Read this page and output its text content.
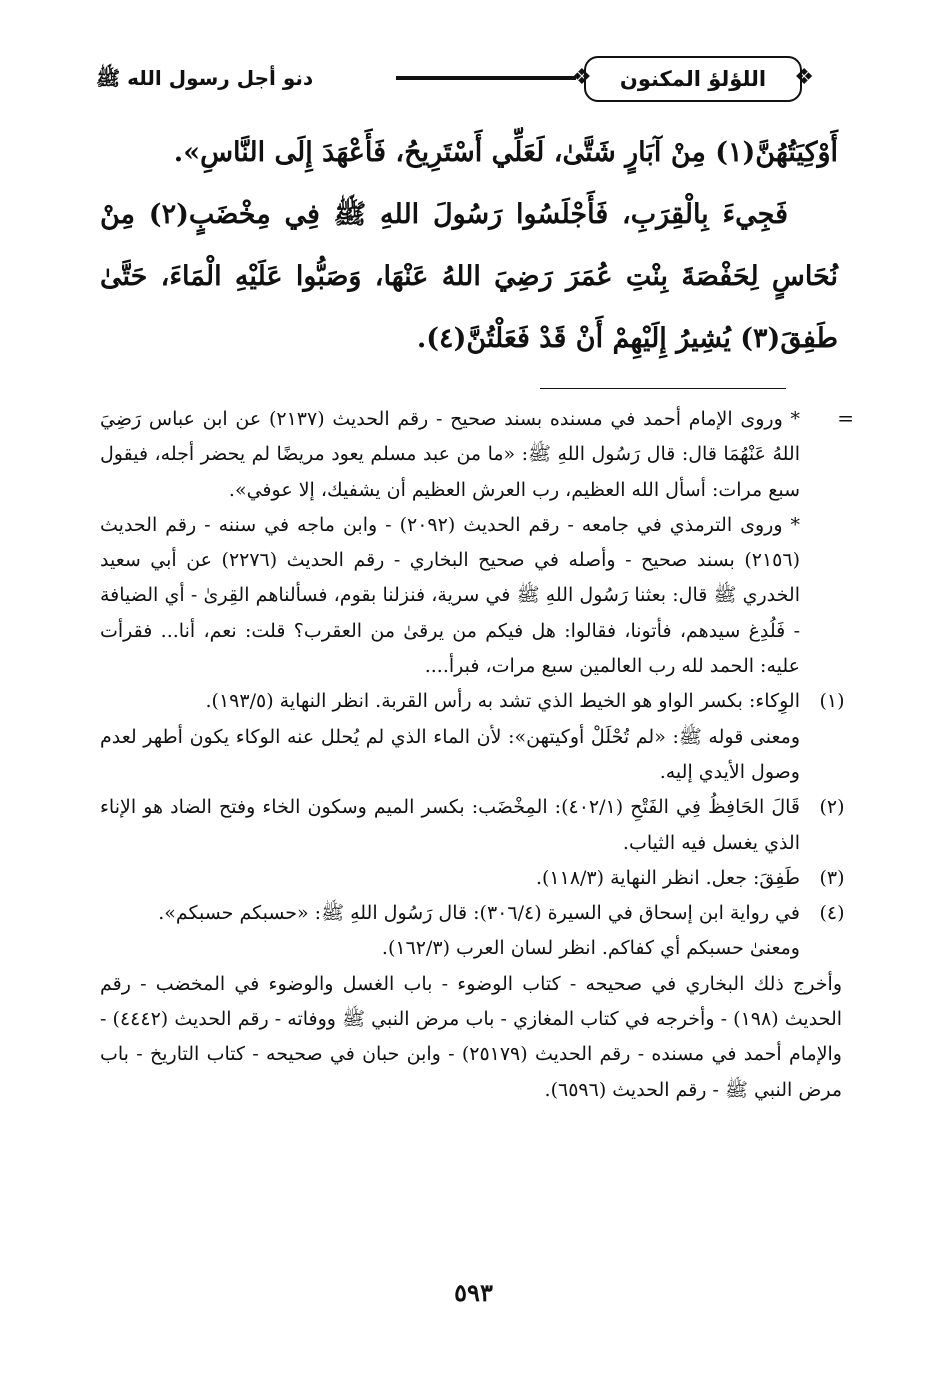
دنو أجل رسول الله ﷺ
❖	اللؤلؤ المكنون
❖

أَوْكِيَتُهُنَّ(١) مِنْ آبَارٍ شَتَّىٰ، لَعَلِّي أَسْتَرِيحُ، فَأَعْهَدَ إِلَى النَّاسِ».

فَجِيءَ بِالْقِرَبِ، فَأَجْلَسُوا رَسُولَ اللهِ ﷺ فِي مِخْضَبٍ(٢) مِنْ نُحَاسٍ لِحَفْصَةَ بِنْتِ عُمَرَ رَضِيَ اللهُ عَنْهَا، وَصَبُّوا عَلَيْهِ الْمَاءَ، حَتَّىٰ طَفِقَ(٣) يُشِيرُ إِلَيْهِمْ أَنْ قَدْ فَعَلْتُنَّ(٤).

=

* وروى الإمام أحمد في مسنده بسند صحيح - رقم الحديث (٢١٣٧) عن ابن عباس رَضِيَ اللهُ عَنْهُمَا قال: قال رَسُول اللهِ ﷺ: «ما من عبد مسلم يعود مريضًا لم يحضر أجله، فيقول سبع مرات: أسأل الله العظيم، رب العرش العظيم أن يشفيك، إلا عوفي».

* وروى الترمذي في جامعه - رقم الحديث (٢٠٩٢) - وابن ماجه في سننه - رقم الحديث (٢١٥٦) بسند صحيح - وأصله في صحيح البخاري - رقم الحديث (٢٢٧٦) عن أبي سعيد الخدري ﷺ قال: بعثنا رَسُول اللهِ ﷺ في سرية، فنزلنا بقوم، فسألناهم القِرىٰ - أي الضيافة - فَلُدِغ سيدهم، فأتونا، فقالوا: هل فيكم من يرقىٰ من العقرب؟ قلت: نعم، أنا... فقرأت عليه: الحمد لله رب العالمين سبع مرات، فبرأ....

(١)

الوِكاء: بكسر الواو هو الخيط الذي تشد به رأس القربة. انظر النهاية (١٩٣/٥).

ومعنى قوله ﷺ: «لم تُحْلَلْ أوكيتهن»: لأن الماء الذي لم يُحلل عنه الوكاء يكون أطهر لعدم وصول الأيدي إليه.

(٢)

قَالَ الحَافِظُ فِي الفَتْحِ (٤٠٢/١): المِخْضَب: بكسر الميم وسكون الخاء وفتح الضاد هو الإناء الذي يغسل فيه الثياب.

(٣)

طَفِقَ: جعل. انظر النهاية (١١٨/٣).

(٤)

في رواية ابن إسحاق في السيرة (٣٠٦/٤): قال رَسُول اللهِ ﷺ: «حسبكم حسبكم».

ومعنىٰ حسبكم أي كفاكم. انظر لسان العرب (١٦٢/٣).

وأخرج ذلك البخاري في صحيحه - كتاب الوضوء - باب الغسل والوضوء في المخضب - رقم الحديث (١٩٨) - وأخرجه في كتاب المغازي - باب مرض النبي ﷺ ووفاته - رقم الحديث (٤٤٤٢) - والإمام أحمد في مسنده - رقم الحديث (٢٥١٧٩) - وابن حبان في صحيحه - كتاب التاريخ - باب مرض النبي ﷺ - رقم الحديث (٦٥٩٦).

٥٩٣
